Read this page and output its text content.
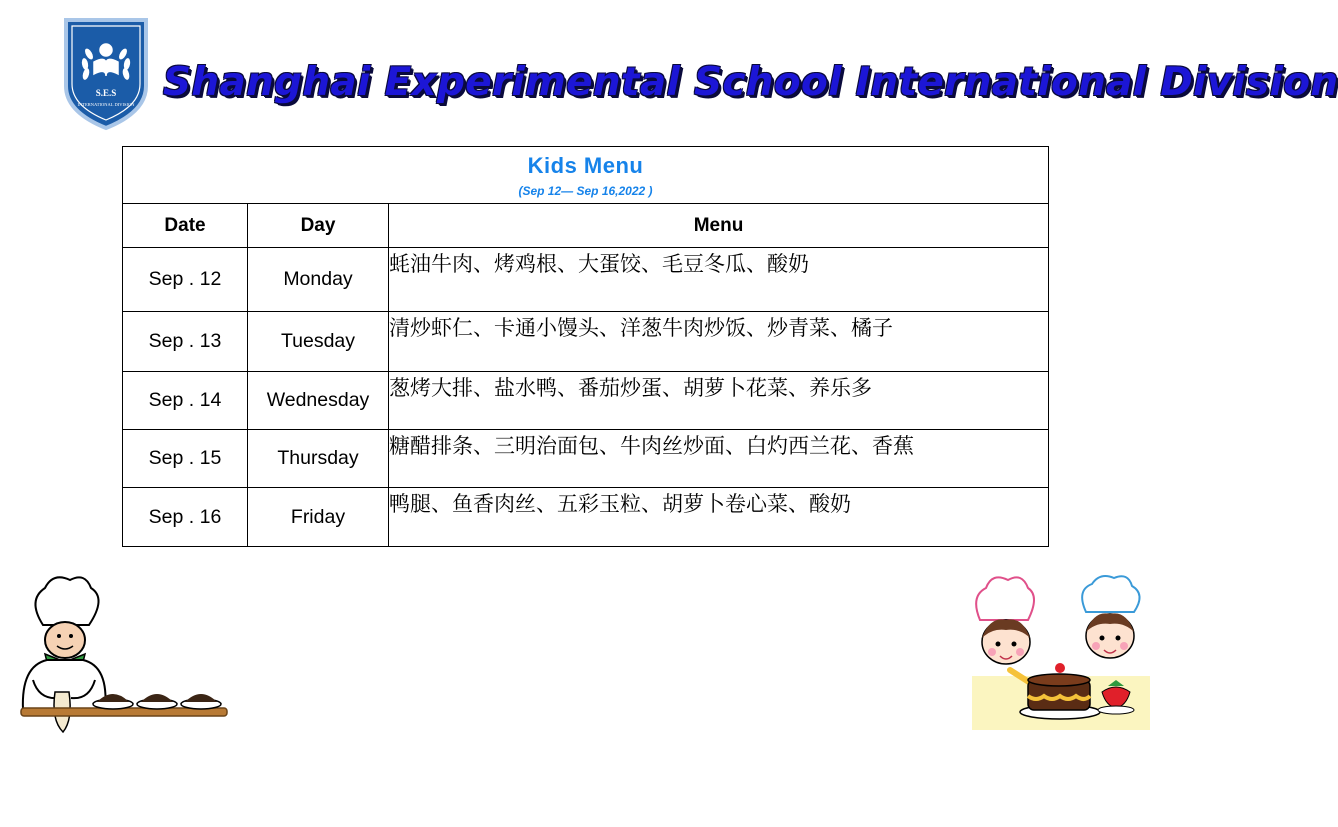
S.E.S
INTERNATIONAL DIVISION Shanghai Experimental School International Division
Kids Menu
(Sep 12— Sep 16,2022 )		

Date	Day	Menu
Sep . 12	Monday	蚝油牛肉、烤鸡根、大蛋饺、毛豆冬瓜、酸奶
Sep . 13	Tuesday	清炒虾仁、卡通小馒头、洋葱牛肉炒饭、炒青菜、橘子
Sep . 14	Wednesday	葱烤大排、盐水鸭、番茄炒蛋、胡萝卜花菜、养乐多
Sep . 15	Thursday	糖醋排条、三明治面包、牛肉丝炒面、白灼西兰花、香蕉
Sep . 16	Friday	鸭腿、鱼香肉丝、五彩玉粒、胡萝卜卷心菜、酸奶
